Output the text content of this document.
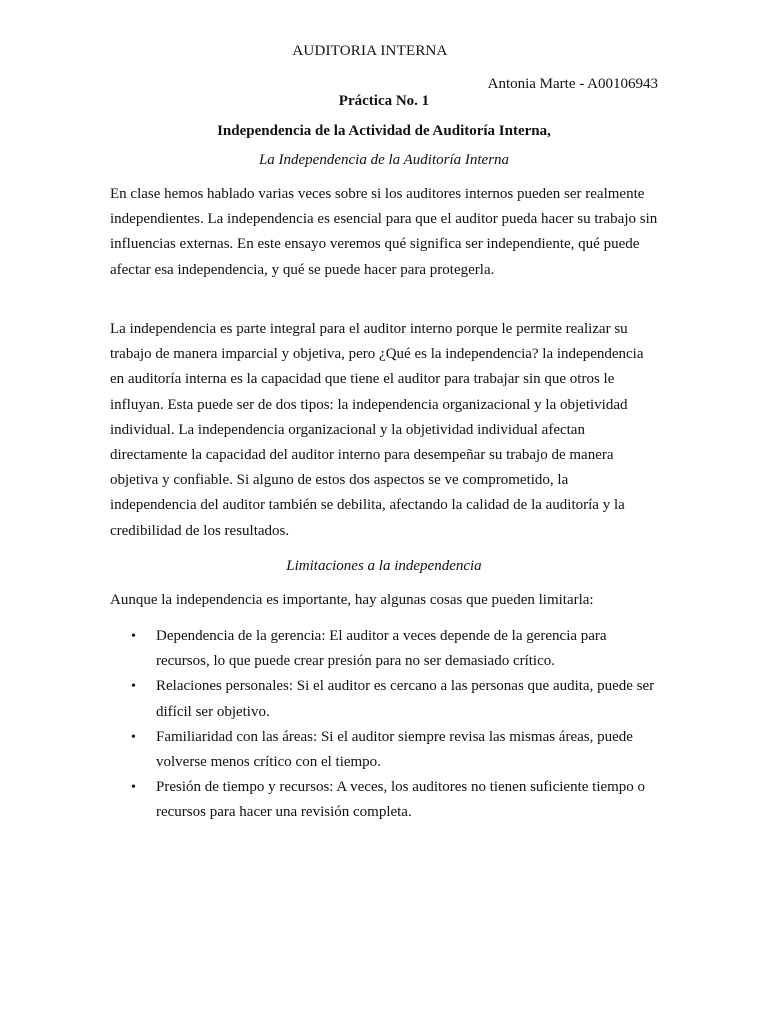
AUDITORIA INTERNA
Antonia Marte - A00106943
Práctica No. 1
Independencia de la Actividad de Auditoría Interna,
La Independencia de la Auditoría Interna

En clase hemos hablado varias veces sobre si los auditores internos pueden ser realmente independientes. La independencia es esencial para que el auditor pueda hacer su trabajo sin influencias externas. En este ensayo veremos qué significa ser independiente, qué puede afectar esa independencia, y qué se puede hacer para protegerla.

La independencia es parte integral para el auditor interno porque le permite realizar su trabajo de manera imparcial y objetiva, pero ¿Qué es la independencia? la independencia en auditoría interna es la capacidad que tiene el auditor para trabajar sin que otros le influyan. Esta puede ser de dos tipos: la independencia organizacional y la objetividad individual. La independencia organizacional y la objetividad individual afectan directamente la capacidad del auditor interno para desempeñar su trabajo de manera objetiva y confiable. Si alguno de estos dos aspectos se ve comprometido, la independencia del auditor también se debilita, afectando la calidad de la auditoría y la credibilidad de los resultados.

Limitaciones a la independencia
Aunque la independencia es importante, hay algunas cosas que pueden limitarla:
• Dependencia de la gerencia: El auditor a veces depende de la gerencia para recursos, lo que puede crear presión para no ser demasiado crítico.
• Relaciones personales: Si el auditor es cercano a las personas que audita, puede ser difícil ser objetivo.
• Familiaridad con las áreas: Si el auditor siempre revisa las mismas áreas, puede volverse menos crítico con el tiempo.
• Presión de tiempo y recursos: A veces, los auditores no tienen suficiente tiempo o recursos para hacer una revisión completa.
